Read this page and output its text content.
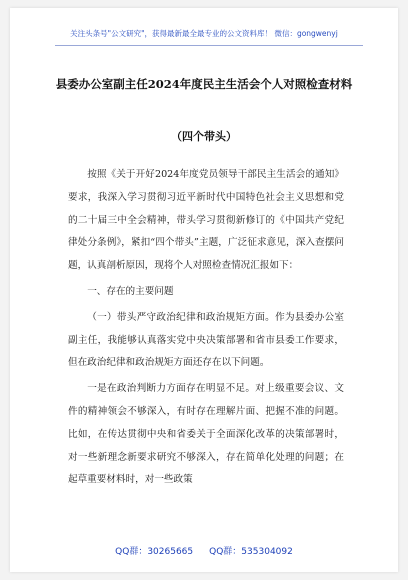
关注头条号"公文研究"，获得最新最全最专业的公文资料库！ 微信：gongwenyj
县委办公室副主任2024年度民主生活会个人对照检查材料
（四个带头）

按照《关于开好2024年度党员领导干部民主生活会的通知》要求，我深入学习贯彻习近平新时代中国特色社会主义思想和党的二十届三中全会精神，带头学习贯彻新修订的《中国共产党纪律处分条例》，紧扣“四个带头”主题，广泛征求意见，深入查摆问题，认真剖析原因，现将个人对照检查情况汇报如下：

一、存在的主要问题

（一）带头严守政治纪律和政治规矩方面。作为县委办公室副主任，我能够认真落实党中央决策部署和省市县委工作要求，但在政治纪律和政治规矩方面还存在以下问题。

一是在政治判断力方面存在明显不足。对上级重要会议、文件的精神领会不够深入，有时存在理解片面、把握不准的问题。比如，在传达贯彻中央和省委关于全面深化改革的决策部署时，对一些新理念新要求研究不够深入，存在简单化处理的问题；在起草重要材料时，对一些政策

QQ群：30265665 QQ群：535304092
